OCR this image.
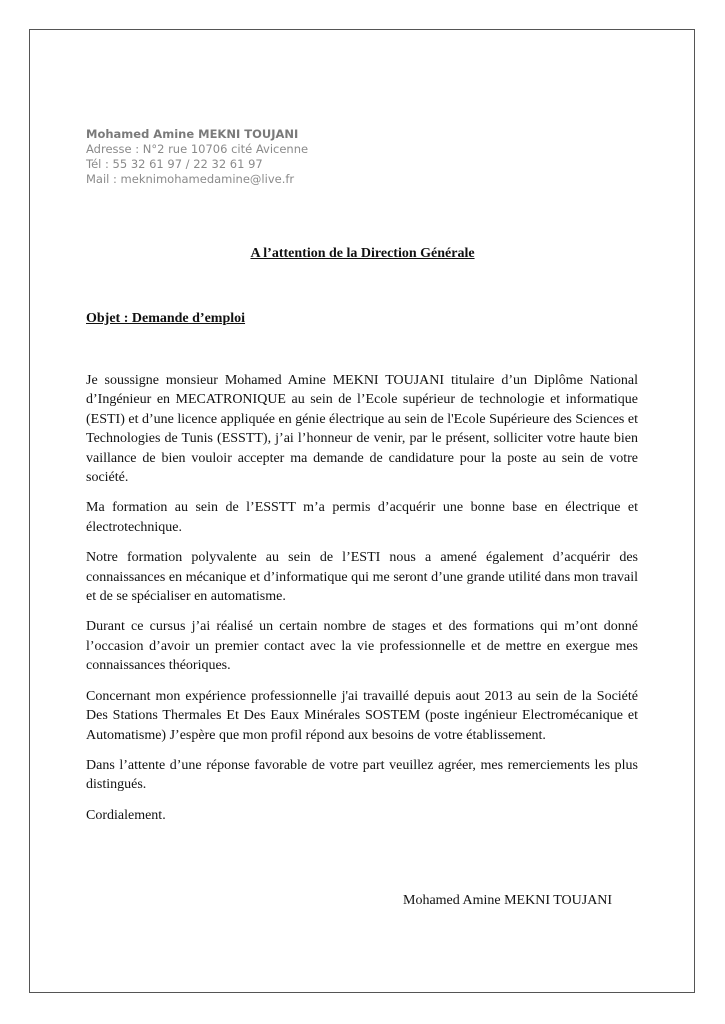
Mohamed Amine MEKNI TOUJANI
Adresse : N°2 rue 10706 cité Avicenne
Tél : 55 32 61 97 / 22 32 61 97
Mail : meknimohamedamine@live.fr
A l’attention de la Direction Générale
Objet : Demande d’emploi

Je soussigne monsieur Mohamed Amine MEKNI TOUJANI titulaire d’un Diplôme National d’Ingénieur en MECATRONIQUE au sein de l’Ecole supérieur de technologie et informatique (ESTI) et d’une licence appliquée en génie électrique au sein de l'Ecole Supérieure des Sciences et Technologies de Tunis (ESSTT), j’ai l’honneur de venir, par le présent, solliciter votre haute bien vaillance de bien vouloir accepter ma demande de candidature pour la poste au sein de votre société.

Ma formation au sein de l’ESSTT m’a permis d’acquérir une bonne base en électrique et électrotechnique.

Notre formation polyvalente au sein de l’ESTI nous a amené également d’acquérir des connaissances en mécanique et d’informatique qui me seront d’une grande utilité dans mon travail et de se spécialiser en automatisme.

Durant ce cursus j’ai réalisé un certain nombre de stages et des formations qui m’ont donné l’occasion d’avoir un premier contact avec la vie professionnelle et de mettre en exergue mes connaissances théoriques.

Concernant mon expérience professionnelle j'ai travaillé depuis aout 2013 au sein de la Société Des Stations Thermales Et Des Eaux Minérales SOSTEM (poste ingénieur Electromécanique et Automatisme) J’espère que mon profil répond aux besoins de votre établissement.

Dans l’attente d’une réponse favorable de votre part veuillez agréer, mes remerciements les plus distingués.

Cordialement.

Mohamed Amine MEKNI TOUJANI
